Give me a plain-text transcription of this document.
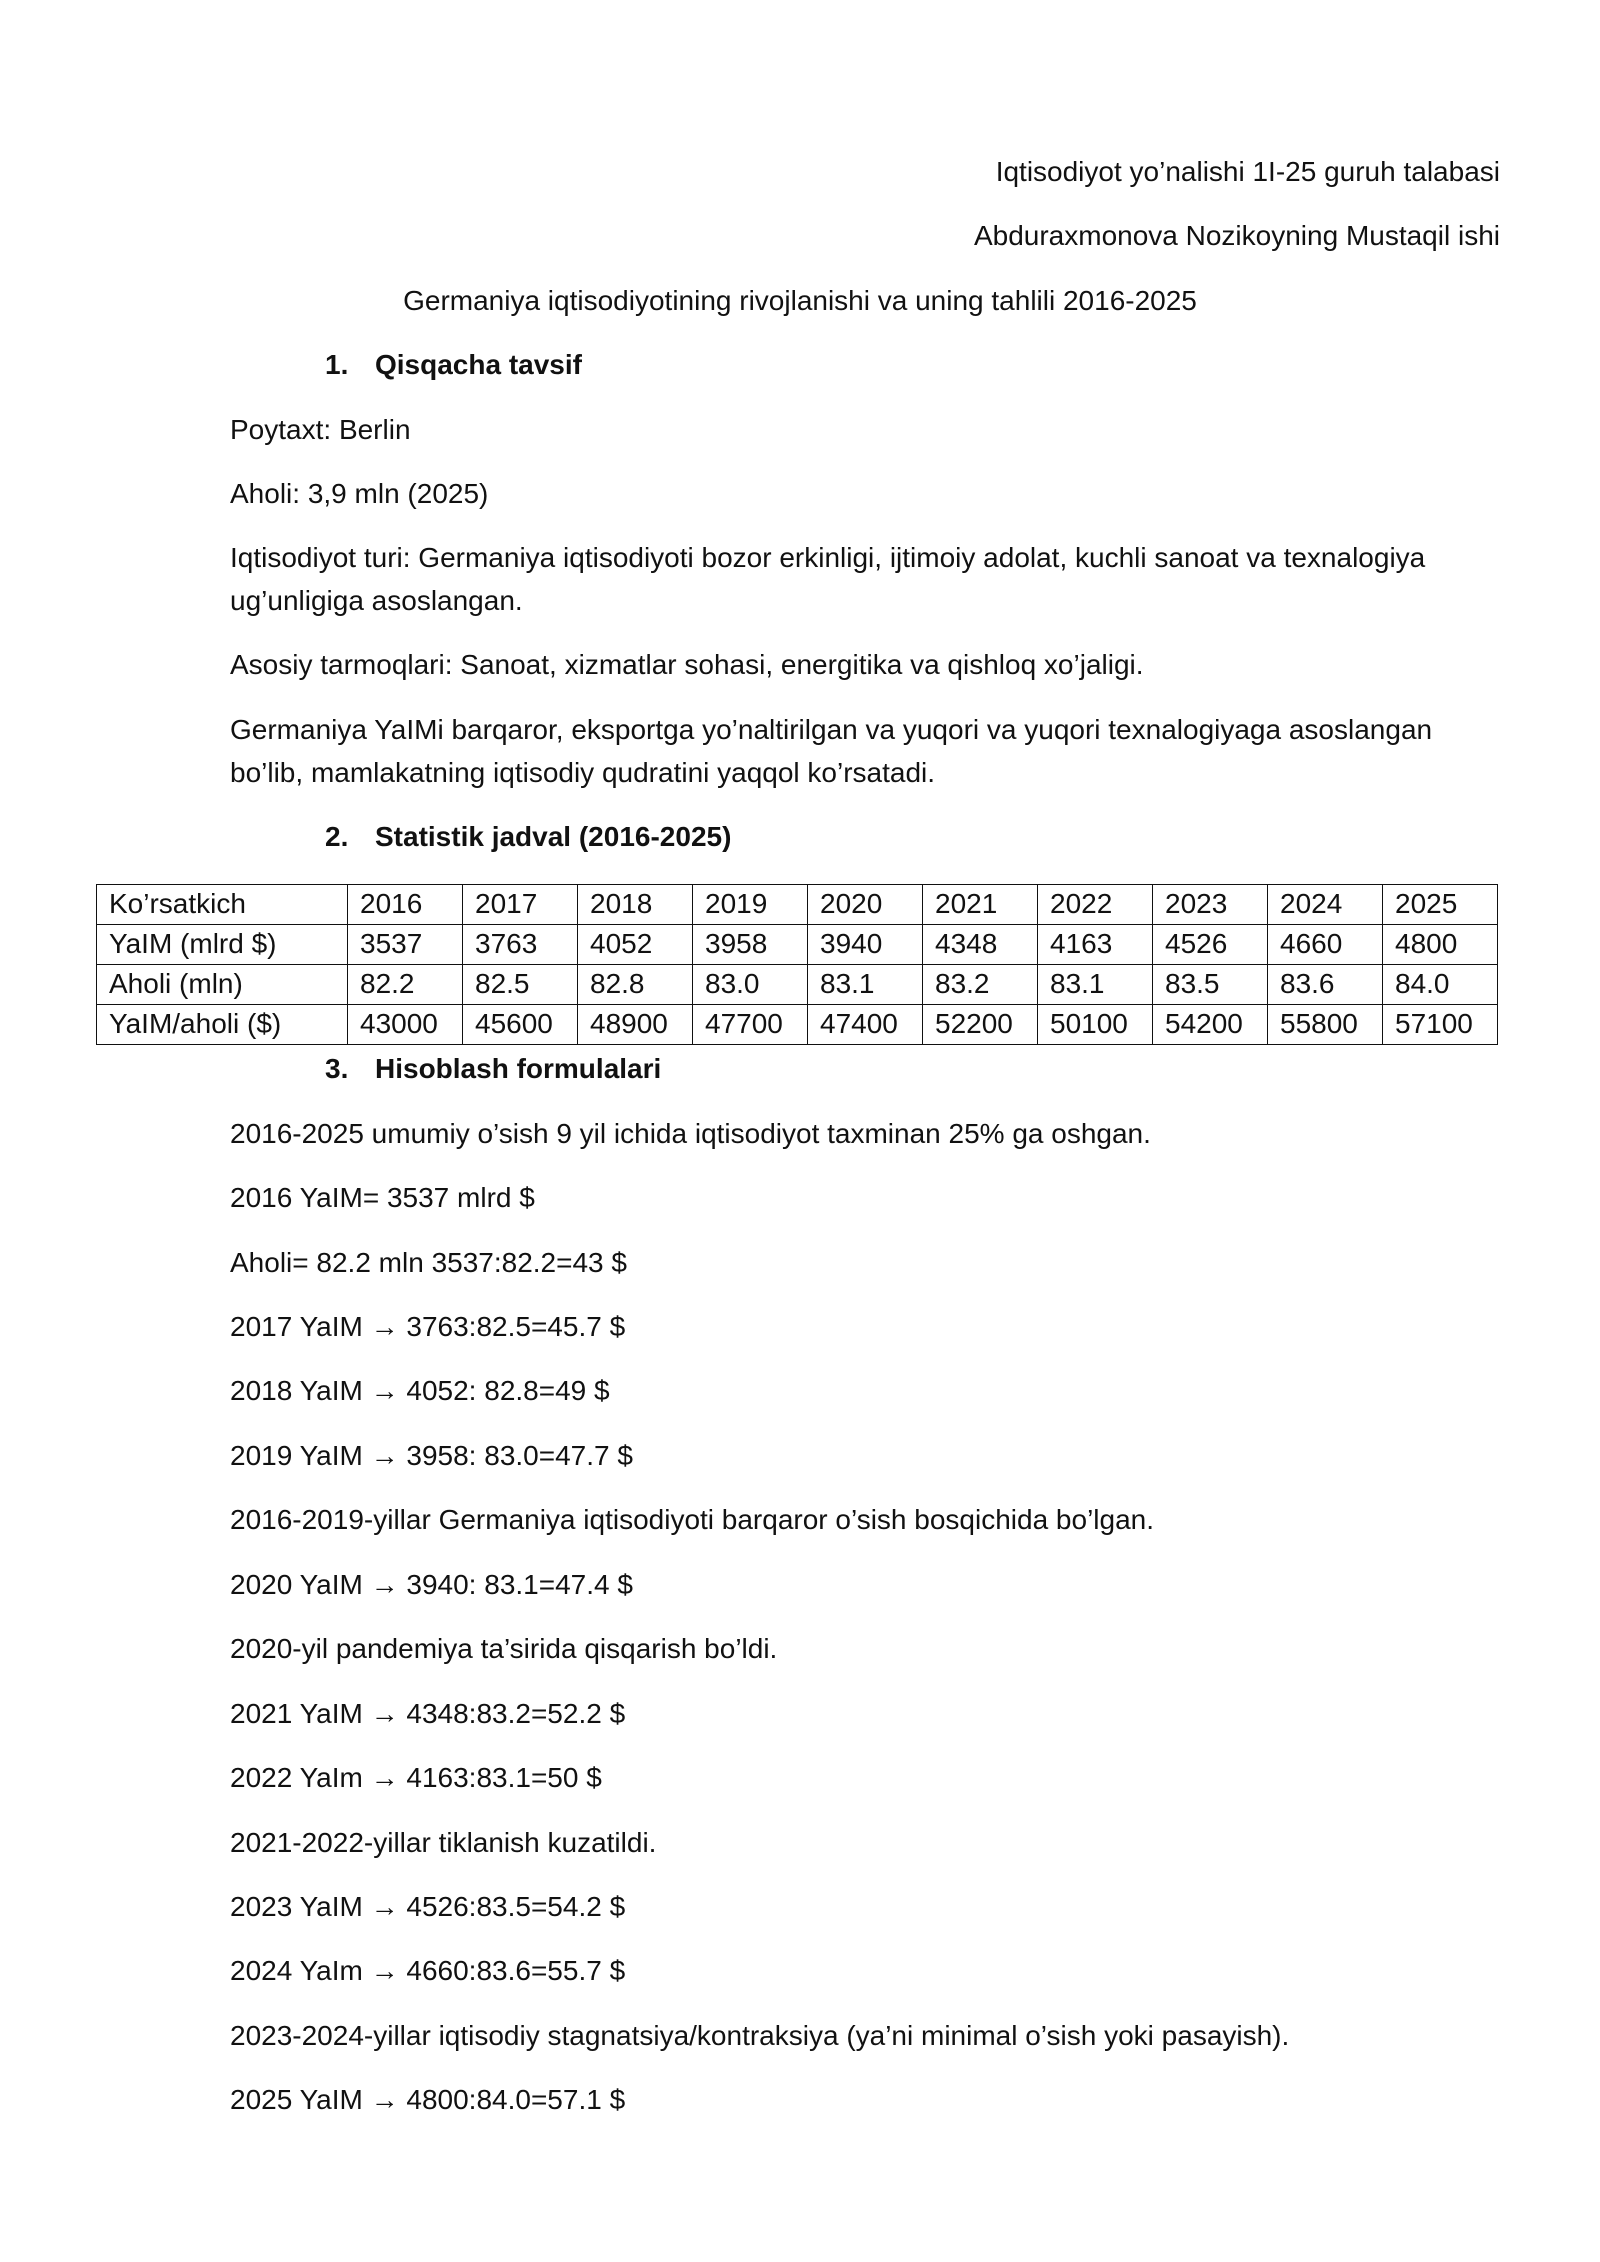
Iqtisodiyot yo’nalishi 1I-25 guruh talabasi
Abduraxmonova Nozikoyning Mustaqil ishi
Germaniya iqtisodiyotining rivojlanishi va uning tahlili 2016-2025
1. Qisqacha tavsif
Poytaxt: Berlin
Aholi: 3,9 mln (2025)
Iqtisodiyot turi: Germaniya iqtisodiyoti bozor erkinligi, ijtimoiy adolat, kuchli sanoat va texnalogiya ug’unligiga asoslangan.
Asosiy tarmoqlari: Sanoat, xizmatlar sohasi, energitika va qishloq xo’jaligi.
Germaniya YaIMi barqaror, eksportga yo’naltirilgan va yuqori va yuqori texnalogiyaga asoslangan bo’lib, mamlakatning iqtisodiy qudratini yaqqol ko’rsatadi.
2. Statistik jadval (2016-2025)
Ko’rsatkich	2016	2017	2018	2019	2020	2021	2022	2023	2024	2025
YaIM (mlrd $)	3537	3763	4052	3958	3940	4348	4163	4526	4660	4800
Aholi (mln)	82.2	82.5	82.8	83.0	83.1	83.2	83.1	83.5	83.6	84.0
YaIM/aholi ($)	43000	45600	48900	47700	47400	52200	50100	54200	55800	57100
3. Hisoblash formulalari
2016-2025 umumiy o’sish 9 yil ichida iqtisodiyot taxminan 25% ga oshgan.
2016 YaIM= 3537 mlrd $
Aholi= 82.2 mln 3537:82.2=43 $
2017 YaIM → 3763:82.5=45.7 $
2018 YaIM → 4052: 82.8=49 $
2019 YaIM → 3958: 83.0=47.7 $
2016-2019-yillar Germaniya iqtisodiyoti barqaror o’sish bosqichida bo’lgan.
2020 YaIM → 3940: 83.1=47.4 $
2020-yil pandemiya ta’sirida qisqarish bo’ldi.
2021 YaIM → 4348:83.2=52.2 $
2022 YaIm → 4163:83.1=50 $
2021-2022-yillar tiklanish kuzatildi.
2023 YaIM → 4526:83.5=54.2 $
2024 YaIm → 4660:83.6=55.7 $
2023-2024-yillar iqtisodiy stagnatsiya/kontraksiya (ya’ni minimal o’sish yoki pasayish).
2025 YaIM → 4800:84.0=57.1 $
